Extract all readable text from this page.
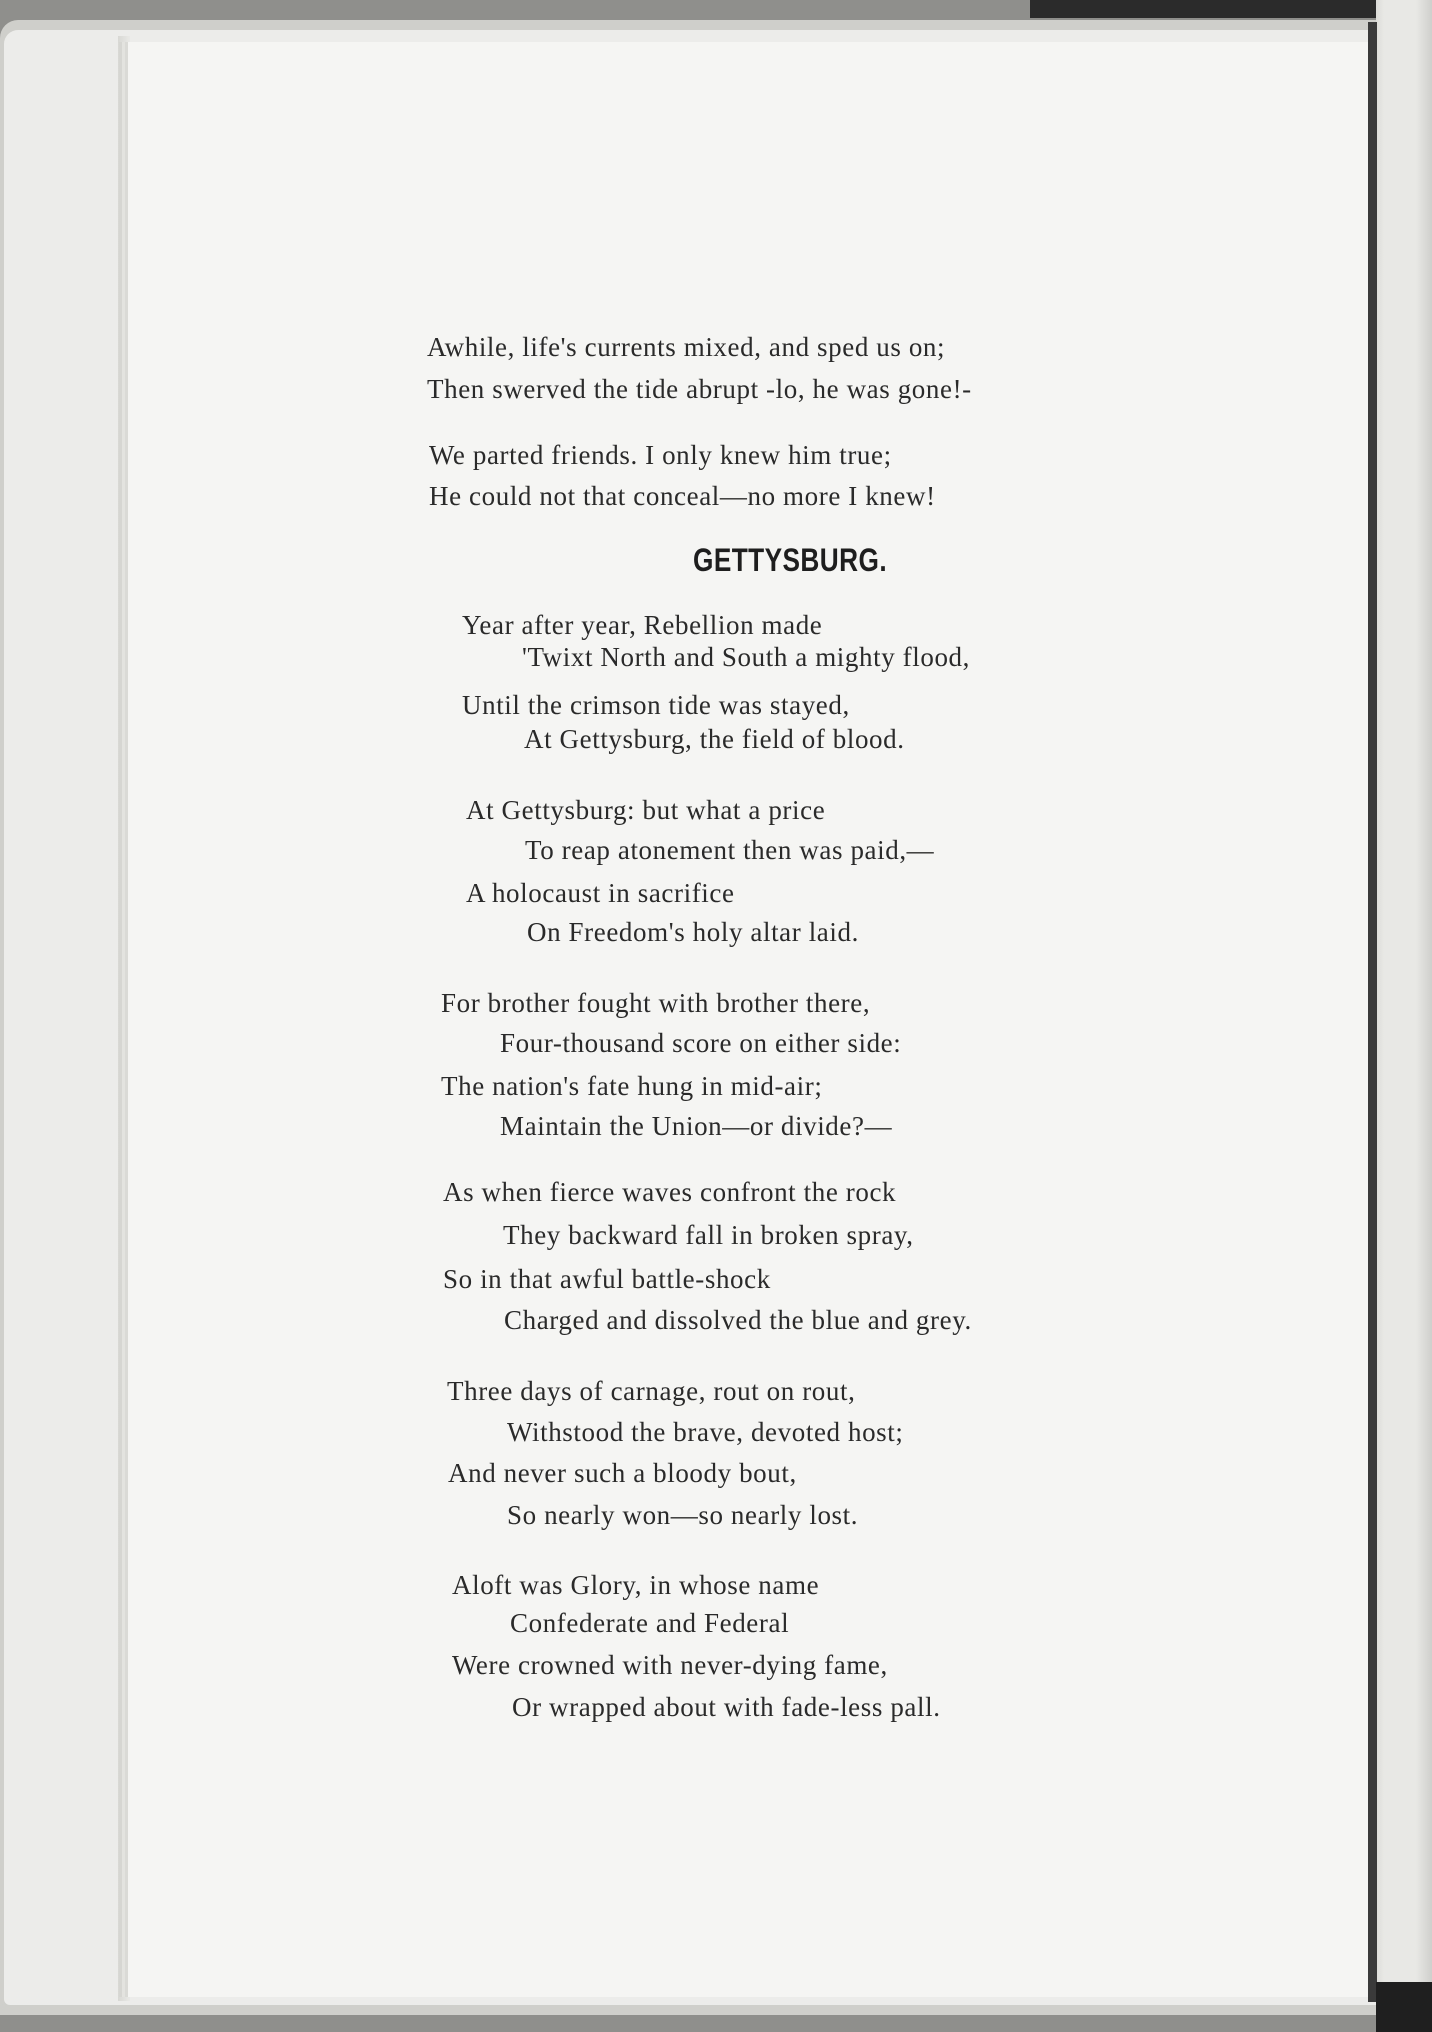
Awhile, life's currents mixed, and sped us on;
Then swerved the tide abrupt -lo, he was gone!-
We parted friends. I only knew him true;
He could not that conceal—no more I knew!
GETTYSBURG.
Year after year, Rebellion made
'Twixt North and South a mighty flood,
Until the crimson tide was stayed,
At Gettysburg, the field of blood.
At Gettysburg: but what a price
To reap atonement then was paid,—
A holocaust in sacrifice
On Freedom's holy altar laid.
For brother fought with brother there,
Four-thousand score on either side:
The nation's fate hung in mid-air;
Maintain the Union—or divide?—
As when fierce waves confront the rock
They backward fall in broken spray,
So in that awful battle-shock
Charged and dissolved the blue and grey.
Three days of carnage, rout on rout,
Withstood the brave, devoted host;
And never such a bloody bout,
So nearly won—so nearly lost.
Aloft was Glory, in whose name
Confederate and Federal
Were crowned with never-dying fame,
Or wrapped about with fade-less pall.
